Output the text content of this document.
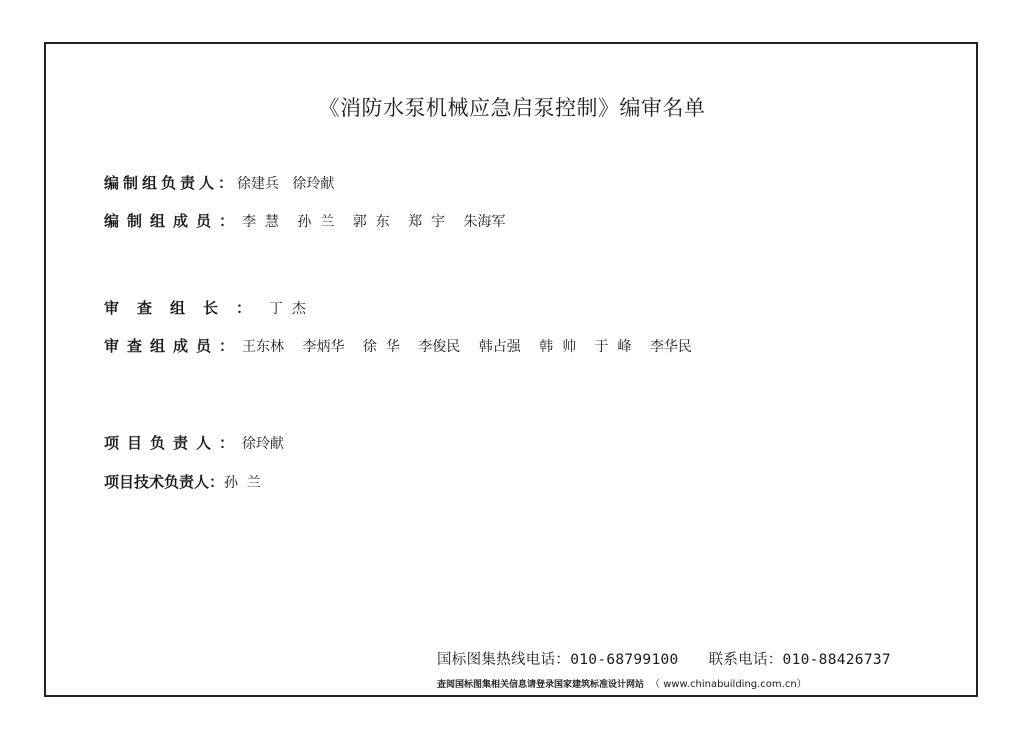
《消防水泵机械应急启泵控制》编审名单
编制组负责人： 徐建兵   徐玲献
编制组成员： 李  慧 孙  兰 郭  东 郑  宇 朱海军
审查组长： 丁  杰
审查组成员： 王东林 李炳华 徐  华 李俊民 韩占强 韩  帅 于  峰 李华民
项目负责人： 徐玲献
项目技术负责人： 孙  兰
国标图集热线电话：010-68799100 联系电话：010-88426737
查阅国标图集相关信息请登录国家建筑标准设计网站 （ www.chinabuilding.com.cn）
